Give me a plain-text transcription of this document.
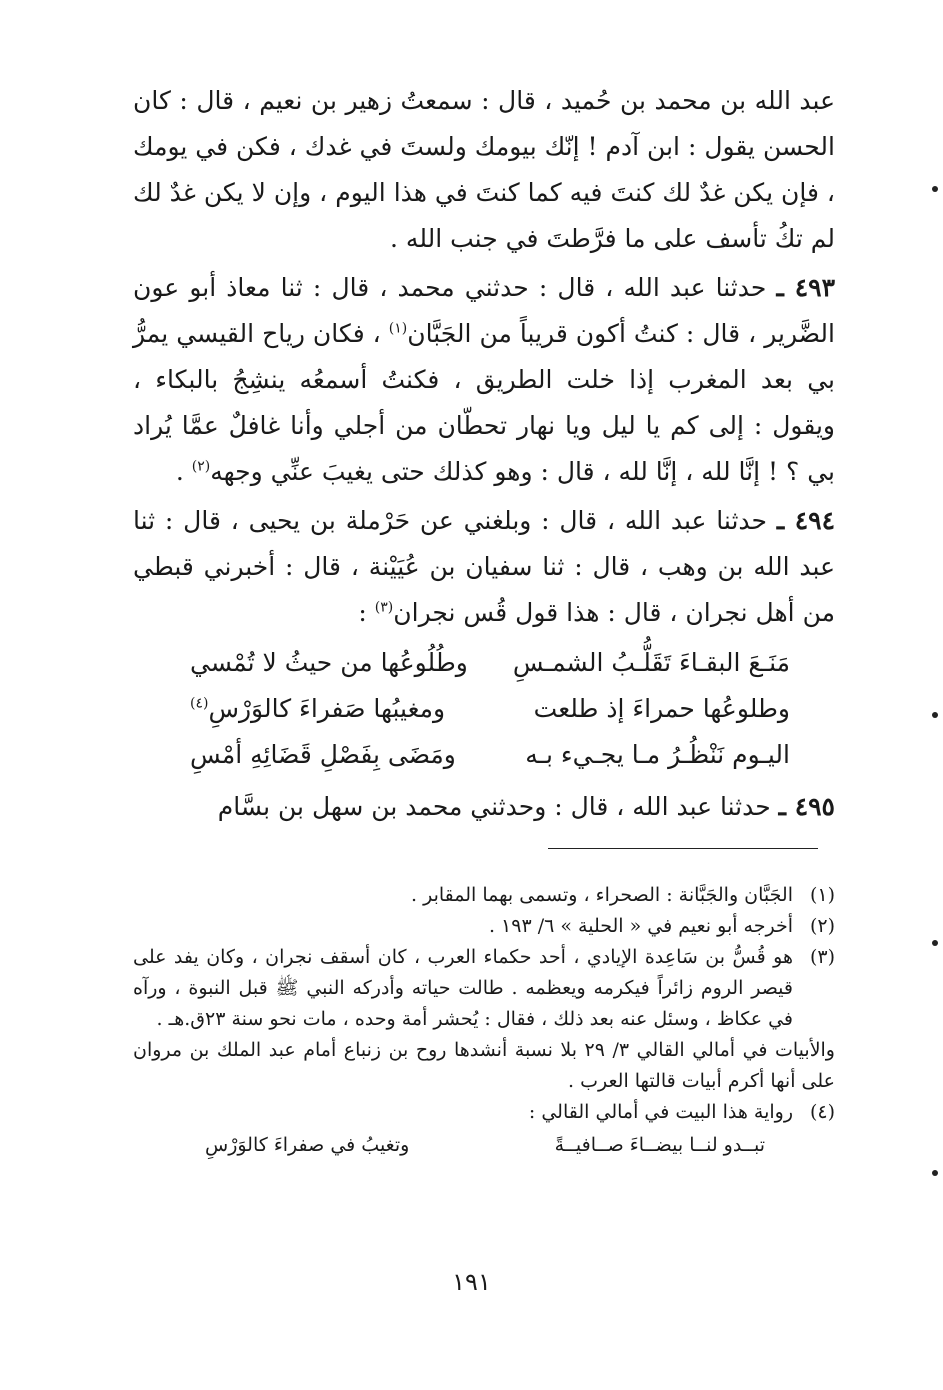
عبد الله بن محمد بن حُميد ، قال : سمعتُ زهير بن نعيم ، قال : كان الحسن يقول : ابن آدم ! إنّك بيومك ولستَ في غدك ، فكن في يومك ، فإن يكن غدٌ لك كنتَ فيه كما كنتَ في هذا اليوم ، وإن لا يكن غدٌ لك لم تكُ تأسف على ما فرَّطتَ في جنب الله .
٤٩٣ ـ حدثنا عبد الله ، قال : حدثني محمد ، قال : ثنا معاذ أبو عون الضَّرير ، قال : كنتُ أكون قريباً من الجَبَّان$^{(١)}$ ، فكان رياح القيسي يمرُّ بي بعد المغرب إذا خلت الطريق ، فكنتُ أسمعُه ينشِجُ بالبكاء ، ويقول : إلى كم يا ليل ويا نهار تحطّان من أجلي وأنا غافلٌ عمَّا يُراد بي ؟ ! إنَّا لله ، إنَّا لله ، قال : وهو كذلك حتى يغيبَ عنِّي وجهه$^{(٢)}$ .
٤٩٤ ـ حدثنا عبد الله ، قال : وبلغني عن حَرْملة بن يحيى ، قال : ثنا عبد الله بن وهب ، قال : ثنا سفيان بن عُيَيْنة ، قال : أخبرني قبطي من أهل نجران ، قال : هذا قول قُس نجران$^{(٣)}$ :
مَنَـعَ البقـاءَ تَقَلُّـبُ الشمـسِ
وطُلُوعُها من حيثُ لا تُمْسي
وطلوعُها حمراءَ إذ طلعت
ومغيبُها صَفراءَ كالوَرْسِ$^{(٤)}$
اليـوم نَنْظُـرُ مـا يجـيء بـه
ومَضَى بِفَصْلِ قَضَائِهِ أمْسِ
٤٩٥ ـ حدثنا عبد الله ، قال : وحدثني محمد بن سهل بن بسَّام
(١)
الجَبَّان والجَبَّانة : الصحراء ، وتسمى بهما المقابر .
(٢)
أخرجه أبو نعيم في « الحلية » ٦/ ١٩٣ .
(٣)
هو قُسُّ بن سَاعِدة الإيادي ، أحد حكماء العرب ، كان أسقف نجران ، وكان يفد على قيصر الروم زائراً فيكرمه ويعظمه . طالت حياته وأدركه النبي ﷺ قبل النبوة ، ورآه في عكاظ ، وسئل عنه بعد ذلك ، فقال : يُحشر أمة وحده ، مات نحو سنة ٢٣ق.هـ .
والأبيات في أمالي القالي ٣/ ٢٩ بلا نسبة أنشدها روح بن زنباع أمام عبد الملك بن مروان على أنها أكرم أبيات قالتها العرب .
(٤)
رواية هذا البيت في أمالي القالي :
تبــدو لنــا بيضــاءَ صــافيــةً
وتغيبُ في صفراءَ كالوَرْسِ
١٩١
